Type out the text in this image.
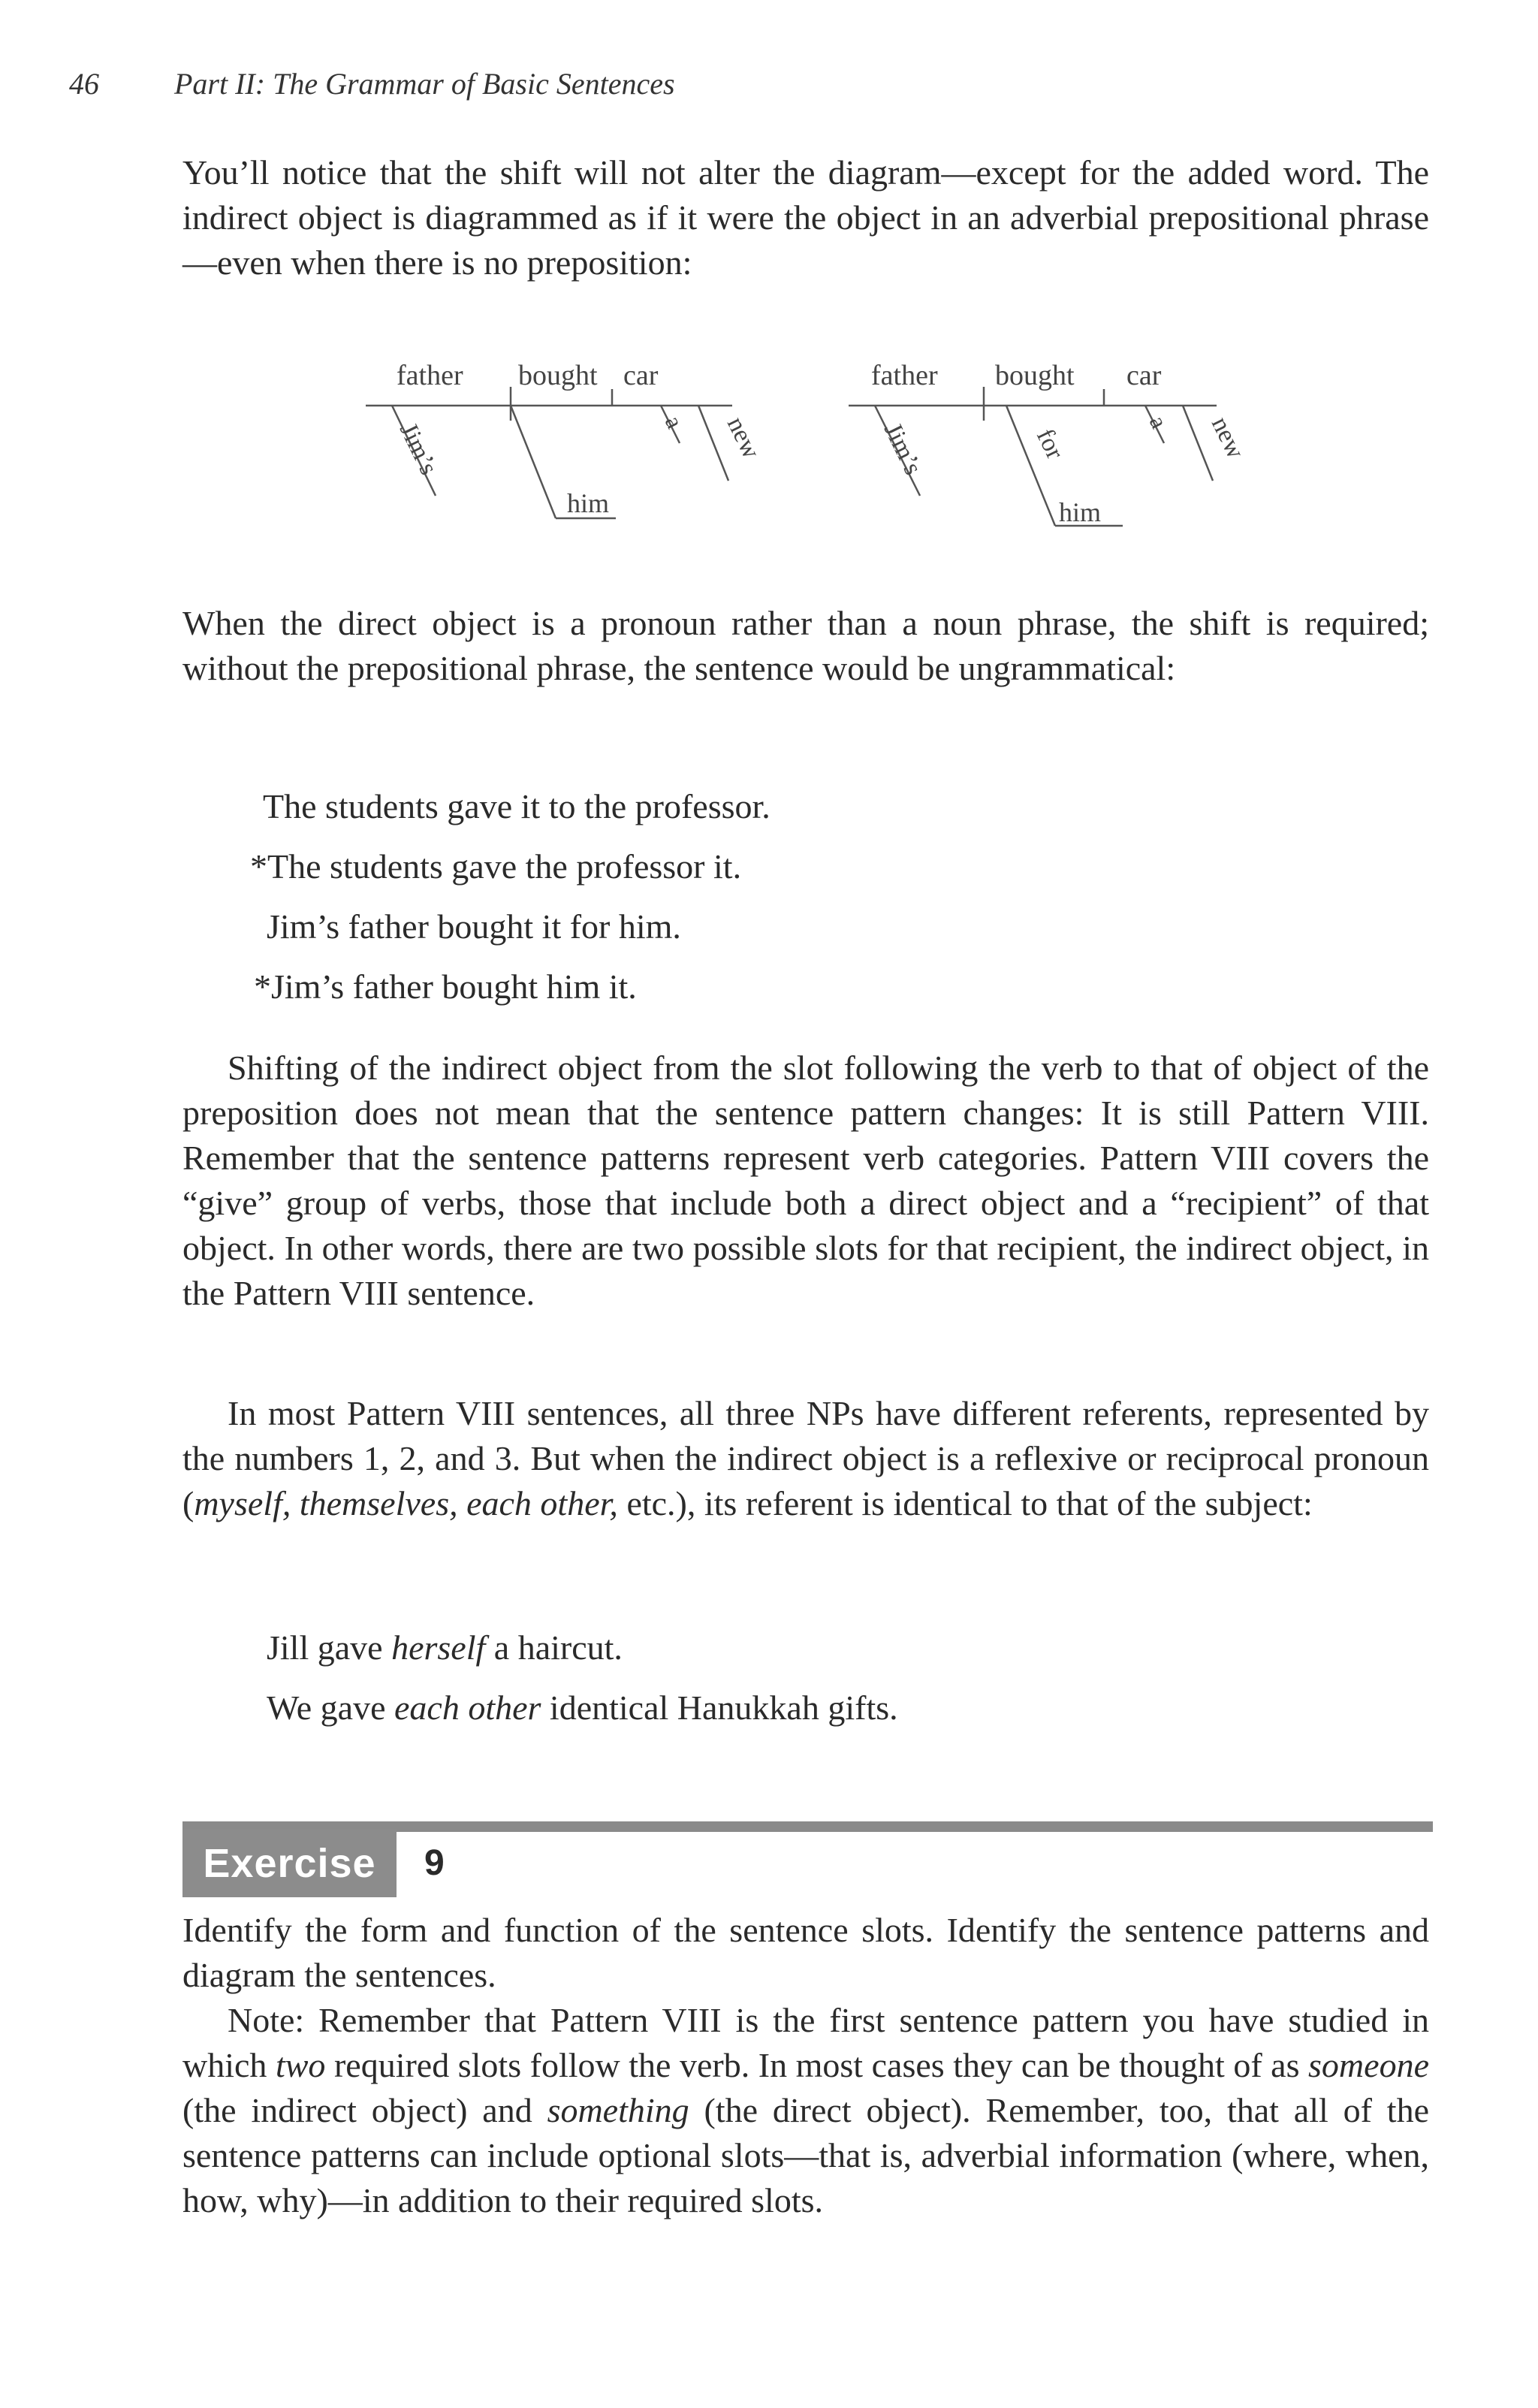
46	Part II: The Grammar of Basic Sentences

You’ll notice that the shift will not alter the diagram—except for the added word. The indirect object is diagrammed as if it were the object in an adverbial prepositional phrase—even when there is no preposition:

father bought car
Jim’s
him
a new
father bought car
Jim’s	for
him
a new

When the direct object is a pronoun rather than a noun phrase, the shift is required; without the prepositional phrase, the sentence would be ungrammatical:

The students gave it to the professor.
*The students gave the professor it.
Jim’s father bought it for him.
*Jim’s father bought him it.

Shifting of the indirect object from the slot following the verb to that of object of the preposition does not mean that the sentence pattern changes: It is still Pattern VIII. Remember that the sentence patterns represent verb categories. Pattern VIII covers the “give” group of verbs, those that include both a direct object and a “recipient” of that object. In other words, there are two possible slots for that recipient, the indirect object, in the Pattern VIII sentence.

In most Pattern VIII sentences, all three NPs have different referents, represented by the numbers 1, 2, and 3. But when the indirect object is a reflexive or reciprocal pronoun (myself, themselves, each other, etc.), its referent is identical to that of the subject:

Jill gave herself a haircut.
We gave each other identical Hanukkah gifts.
Exercise	9

Identify the form and function of the sentence slots. Identify the sentence patterns and diagram the sentences.

Note: Remember that Pattern VIII is the first sentence pattern you have studied in which two required slots follow the verb. In most cases they can be thought of as someone (the indirect object) and something (the direct object). Remember, too, that all of the sentence patterns can include optional slots—that is, adverbial information (where, when, how, why)—in addition to their required slots.
